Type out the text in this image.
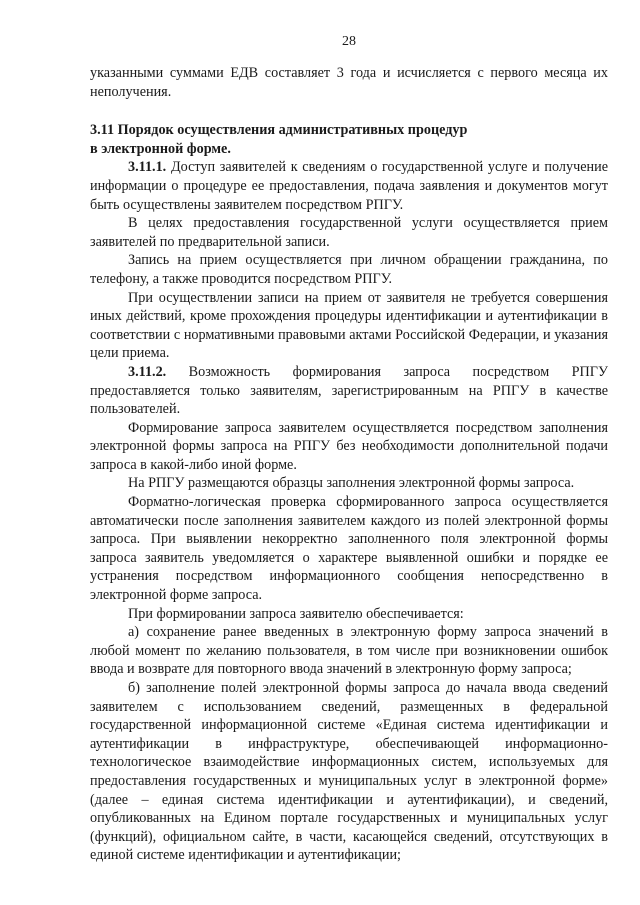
28

указанными суммами ЕДВ составляет 3 года и исчисляется с первого месяца их неполучения.

3.11 Порядок осуществления административных процедур
в электронной форме.

3.11.1. Доступ заявителей к сведениям о государственной услуге и получение информации о процедуре ее предоставления, подача заявления и документов могут быть осуществлены заявителем посредством РПГУ.

В целях предоставления государственной услуги осуществляется прием заявителей по предварительной записи.

Запись на прием осуществляется при личном обращении гражданина, по телефону, а также проводится посредством РПГУ.

При осуществлении записи на прием от заявителя не требуется совершения иных действий, кроме прохождения процедуры идентификации и аутентификации в соответствии с нормативными правовыми актами Российской Федерации, и указания цели приема.

3.11.2. Возможность формирования запроса посредством РПГУ предоставляется только заявителям, зарегистрированным на РПГУ в качестве пользователей.

Формирование запроса заявителем осуществляется посредством заполнения электронной формы запроса на РПГУ без необходимости дополнительной подачи запроса в какой-либо иной форме.

На РПГУ размещаются образцы заполнения электронной формы запроса.

Форматно-логическая проверка сформированного запроса осуществляется автоматически после заполнения заявителем каждого из полей электронной формы запроса. При выявлении некорректно заполненного поля электронной формы запроса заявитель уведомляется о характере выявленной ошибки и порядке ее устранения посредством информационного сообщения непосредственно в электронной форме запроса.

При формировании запроса заявителю обеспечивается:

а) сохранение ранее введенных в электронную форму запроса значений в любой момент по желанию пользователя, в том числе при возникновении ошибок ввода и возврате для повторного ввода значений в электронную форму запроса;

б) заполнение полей электронной формы запроса до начала ввода сведений заявителем с использованием сведений, размещенных в федеральной государственной информационной системе «Единая система идентификации и аутентификации в инфраструктуре, обеспечивающей информационно-технологическое взаимодействие информационных систем, используемых для предоставления государственных и муниципальных услуг в электронной форме» (далее – единая система идентификации и аутентификации), и сведений, опубликованных на Едином портале государственных и муниципальных услуг (функций), официальном сайте, в части, касающейся сведений, отсутствующих в единой системе идентификации и аутентификации;
